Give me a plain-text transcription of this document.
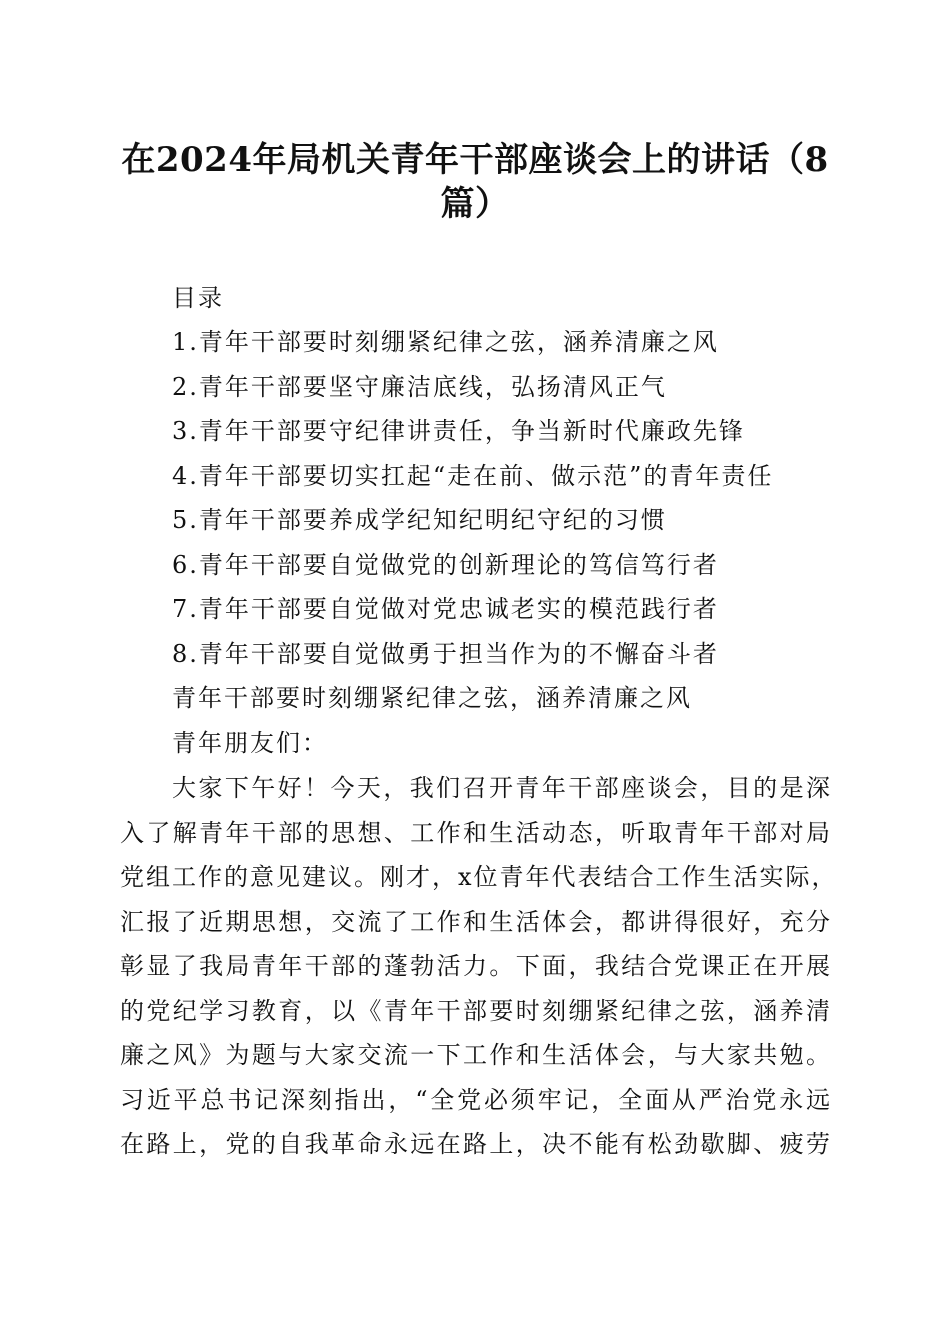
在2024年局机关青年干部座谈会上的讲话（8
篇）
目录
1.青年干部要时刻绷紧纪律之弦，涵养清廉之风
2.青年干部要坚守廉洁底线，弘扬清风正气
3.青年干部要守纪律讲责任，争当新时代廉政先锋
4.青年干部要切实扛起“走在前、做示范”的青年责任
5.青年干部要养成学纪知纪明纪守纪的习惯
6.青年干部要自觉做党的创新理论的笃信笃行者
7.青年干部要自觉做对党忠诚老实的模范践行者
8.青年干部要自觉做勇于担当作为的不懈奋斗者
青年干部要时刻绷紧纪律之弦，涵养清廉之风
青年朋友们：
大家下午好！今天，我们召开青年干部座谈会，目的是深
入了解青年干部的思想、工作和生活动态，听取青年干部对局
党组工作的意见建议。刚才，x位青年代表结合工作生活实际，
汇报了近期思想，交流了工作和生活体会，都讲得很好，充分
彰显了我局青年干部的蓬勃活力。下面，我结合党课正在开展
的党纪学习教育，以《青年干部要时刻绷紧纪律之弦，涵养清
廉之风》为题与大家交流一下工作和生活体会，与大家共勉。
习近平总书记深刻指出，“全党必须牢记，全面从严治党永远
在路上，党的自我革命永远在路上，决不能有松劲歇脚、疲劳
